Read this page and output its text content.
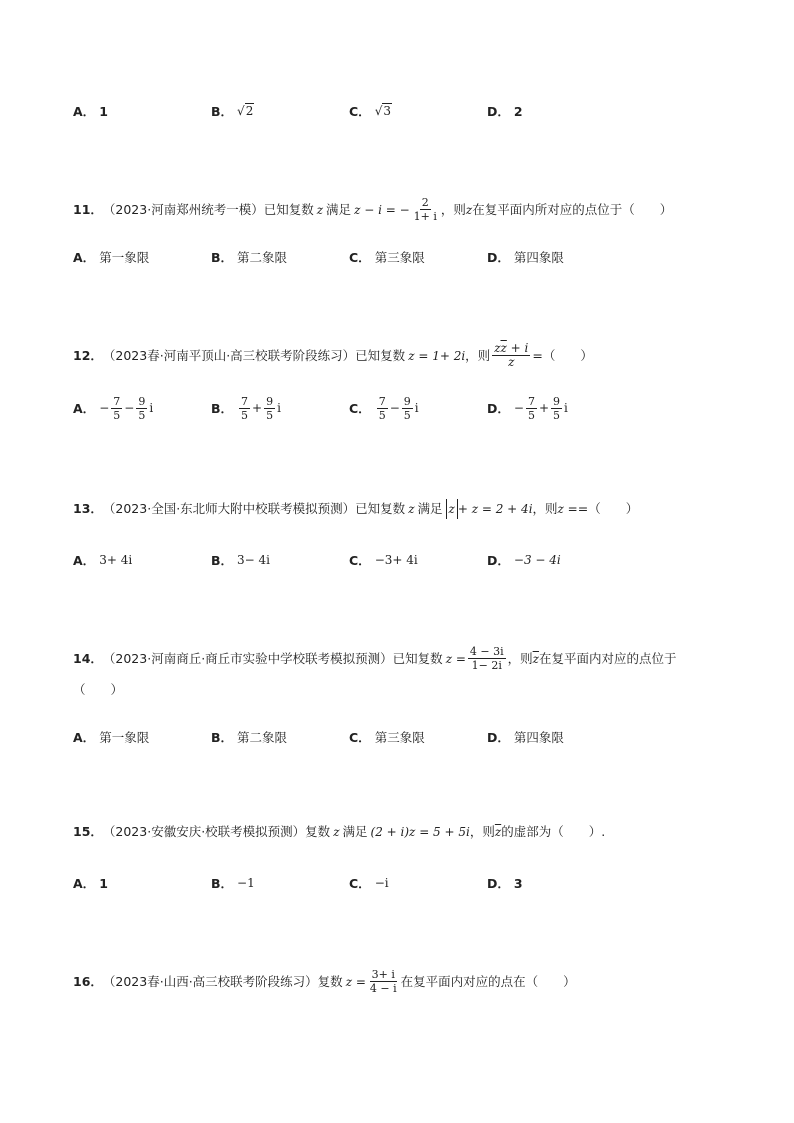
A． 1	B． √2	C． √3	D． 2
11． （2023·河南郑州统考一模） 已知复数 z 满足 z − i = − $\frac{2}{1+ i}$ ，则 z 在复平面内所对应的点位于（　　）
A． 第一象限	B． 第二象限	C． 第三象限	D． 第四象限
12． （2023春·河南平顶山·高三校联考阶段练习） 已知复数 z = 1+ 2i ，则 $\frac{z\overline{z} + i}{z}$ =（　　）
A． − $\frac{7}{5} - \frac{9}{5}$ i	B． $\frac{7}{5} + \frac{9}{5}$ i	C． $\frac{7}{5} - \frac{9}{5}$ i	D． − $\frac{7}{5} + \frac{9}{5}$ i
13． （2023·全国·东北师大附中校联考模拟预测） 已知复数 z 满足 z + z = 2 + 4i ，则 z = =（　　）
A． 3+ 4i	B． 3− 4i	C． −3+ 4i	D． −3 − 4i
14． （2023·河南商丘·商丘市实验中学校联考模拟预测） 已知复数 $z = \frac{4 - 3i}{1- 2i}$ ，则 $\overline{z}$ 在复平面内对应的点位于
（　　）
A． 第一象限	B． 第二象限	C． 第三象限	D． 第四象限
15． （2023·安徽安庆·校联考模拟预测） 复数 z 满足 (2 + i)z = 5 + 5i ，则 $\overline{z}$ 的虚部为（　　）.
A． 1	B． −1	C． −i	D． 3
16． （2023春·山西·高三校联考阶段练习） 复数 $z = \frac{3+ i}{4 - i}$ 在复平面内对应的点在（　　）
